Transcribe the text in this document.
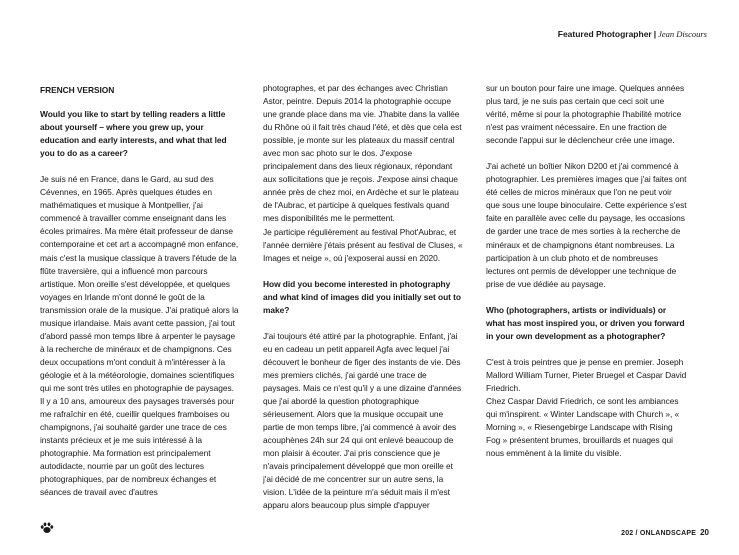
Featured Photographer | Jean Discours

FRENCH VERSION

Would you like to start by telling readers a little about yourself – where you grew up, your education and early interests, and what that led you to do as a career?

Je suis né en France, dans le Gard, au sud des Cévennes, en 1965. Après quelques études en mathématiques et musique à Montpellier, j'ai commencé à travailler comme enseignant dans les écoles primaires. Ma mère était professeur de danse contemporaine et cet art a accompagné mon enfance, mais c'est la musique classique à travers l'étude de la flûte traversière, qui a influencé mon parcours artistique. Mon oreille s'est développée, et quelques voyages en Irlande m'ont donné le goût de la transmission orale de la musique. J'ai pratiqué alors la musique irlandaise. Mais avant cette passion, j'ai tout d'abord passé mon temps libre à arpenter le paysage à la recherche de minéraux et de champignons. Ces deux occupations m'ont conduit à m'intéresser à la géologie et à la météorologie, domaines scientifiques qui me sont très utiles en photographie de paysages.

Il y a 10 ans, amoureux des paysages traversés pour me rafraîchir en été, cueillir quelques framboises ou champignons, j'ai souhaité garder une trace de ces instants précieux et je me suis intéressé à la photographie. Ma formation est principalement autodidacte, nourrie par un goût des lectures photographiques, par de nombreux échanges et séances de travail avec d'autres

photographes, et par des échanges avec Christian Astor, peintre. Depuis 2014 la photographie occupe une grande place dans ma vie. J'habite dans la vallée du Rhône où il fait très chaud l'été, et dès que cela est possible, je monte sur les plateaux du massif central avec mon sac photo sur le dos. J'expose principalement dans des lieux régionaux, répondant aux sollicitations que je reçois. J'expose ainsi chaque année près de chez moi, en Ardèche et sur le plateau de l'Aubrac, et participe à quelques festivals quand mes disponibilités me le permettent.

Je participe régulièrement au festival Phot'Aubrac, et l'année dernière j'étais présent au festival de Cluses, « Images et neige », où j'exposerai aussi en 2020.

How did you become interested in photography and what kind of images did you initially set out to make?

J'ai toujours été attiré par la photographie. Enfant, j'ai eu en cadeau un petit appareil Agfa avec lequel j'ai découvert le bonheur de figer des instants de vie. Dès mes premiers clichés, j'ai gardé une trace de paysages. Mais ce n'est qu'il y a une dizaine d'années que j'ai abordé la question photographique sérieusement. Alors que la musique occupait une partie de mon temps libre, j'ai commencé à avoir des acouphènes 24h sur 24 qui ont enlevé beaucoup de mon plaisir à écouter. J'ai pris conscience que je n'avais principalement développé que mon oreille et j'ai décidé de me concentrer sur un autre sens, la vision. L'idée de la peinture m'a séduit mais il m'est apparu alors beaucoup plus simple d'appuyer

sur un bouton pour faire une image. Quelques années plus tard, je ne suis pas certain que ceci soit une vérité, même si pour la photographie l'habilité motrice n'est pas vraiment nécessaire. En une fraction de seconde l'appui sur le déclencheur crée une image.

J'ai acheté un boîtier Nikon D200 et j'ai commencé à photographier. Les premières images que j'ai faites ont été celles de micros minéraux que l'on ne peut voir que sous une loupe binoculaire. Cette expérience s'est faite en parallèle avec celle du paysage, les occasions de garder une trace de mes sorties à la recherche de minéraux et de champignons étant nombreuses. La participation à un club photo et de nombreuses lectures ont permis de développer une technique de prise de vue dédiée au paysage.

Who (photographers, artists or individuals) or what has most inspired you, or driven you forward in your own development as a photographer?

C'est à trois peintres que je pense en premier. Joseph Mallord William Turner, Pieter Bruegel et Caspar David Friedrich.

Chez Caspar David Friedrich, ce sont les ambiances qui m'inspirent. « Winter Landscape with Church », « Morning », « Riesengebirge Landscape with Rising Fog » présentent brumes, brouillards et nuages qui nous emmènent à la limite du visible.

202 / ONLANDSCAPE 20
